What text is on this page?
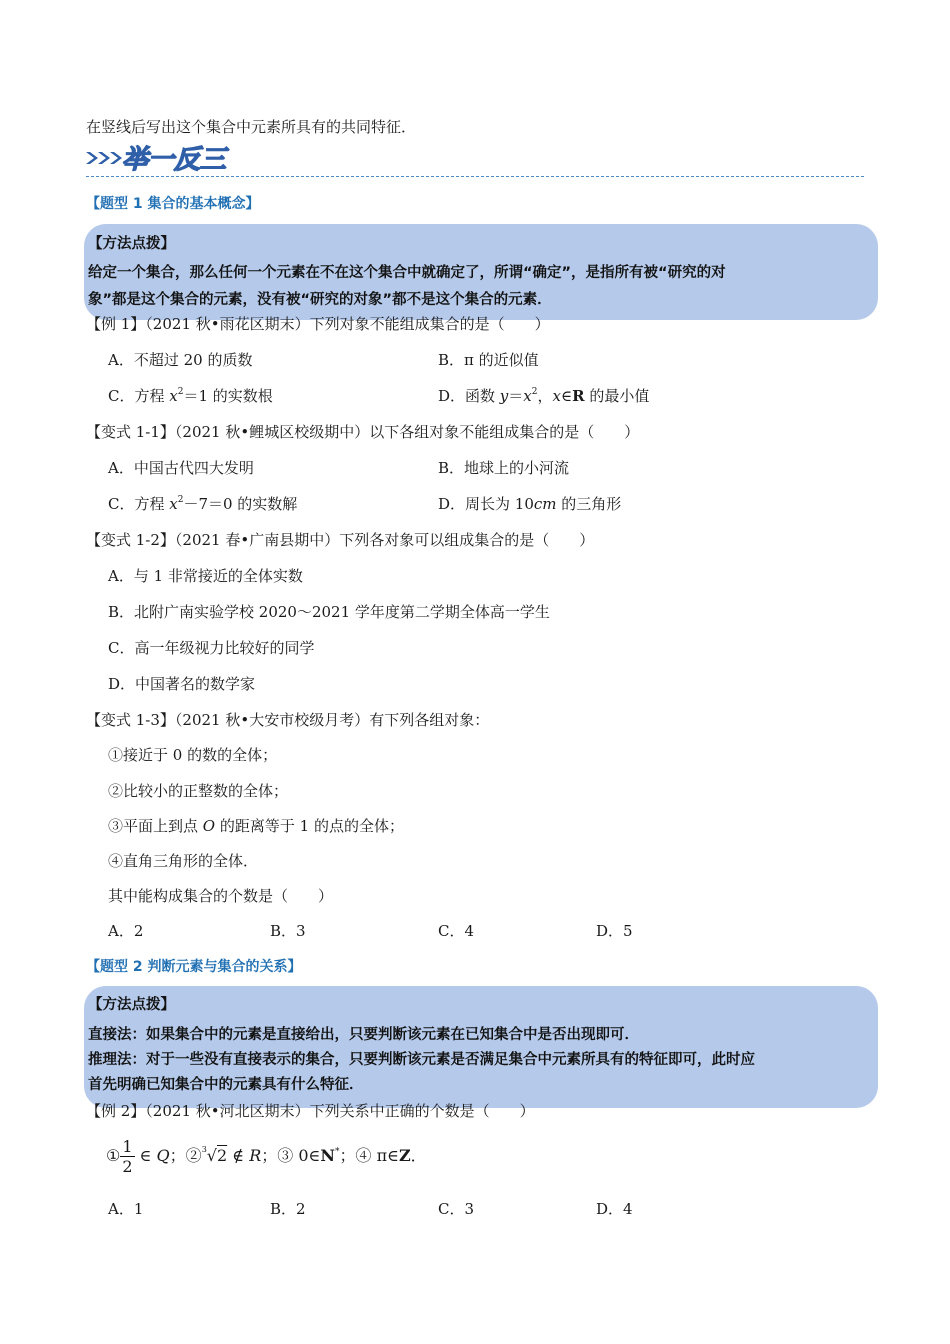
在竖线后写出这个集合中元素所具有的共同特征．
举一反三
【题型 1 集合的基本概念】
【方法点拨】
给定一个集合，那么任何一个元素在不在这个集合中就确定了，所谓“确定”，是指所有被“研究的对
象”都是这个集合的元素，没有被“研究的对象”都不是这个集合的元素．
【例 1】（2021 秋•雨花区期末）下列对象不能组成集合的是（　　）
A．不超过 20 的质数	B．π 的近似值
C．方程 $x^2=1$ 的实数根	D．函数 $y=x^2$，x∈R 的最小值
【变式 1-1】（2021 秋•鲤城区校级期中）以下各组对象不能组成集合的是（　　）
A．中国古代四大发明	B．地球上的小河流
C．方程 $x^2-7=0$ 的实数解	D．周长为 10cm 的三角形
【变式 1-2】（2021 春•广南县期中）下列各对象可以组成集合的是（　　）
A．与 1 非常接近的全体实数
B．北附广南实验学校 2020～2021 学年度第二学期全体高一学生
C．高一年级视力比较好的同学
D．中国著名的数学家
【变式 1-3】（2021 秋•大安市校级月考）有下列各组对象：
①接近于 0 的数的全体；
②比较小的正整数的全体；
③平面上到点 O 的距离等于 1 的点的全体；
④直角三角形的全体．
其中能构成集合的个数是（　　）
A．2	B．3	C．4	D．5
【题型 2 判断元素与集合的关系】
【方法点拨】
直接法：如果集合中的元素是直接给出，只要判断该元素在已知集合中是否出现即可．
推理法：对于一些没有直接表示的集合，只要判断该元素是否满足集合中元素所具有的特征即可，此时应
首先明确已知集合中的元素具有什么特征．
【例 2】（2021 秋•河北区期末）下列关系中正确的个数是（　　）
① $\frac{1}{2}$ ∈ Q；②$^3$√2 ∉ R；③ 0∈N*；④ π∈Z．
A．1	B．2	C．3	D．4
